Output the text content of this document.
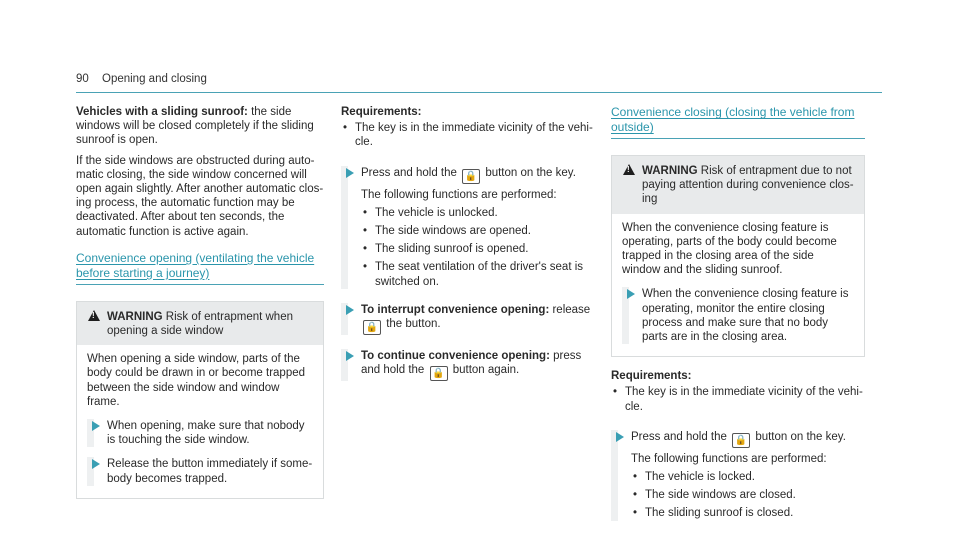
90 Opening and closing

Vehicles with a sliding sunroof: the side windows will be closed completely if the sliding sunroof is open.

If the side windows are obstructed during automatic closing, the side window concerned will open again slightly. After another automatic closing process, the automatic function may be deactivated. After about ten seconds, the automatic function is active again.

Convenience opening (ventilating the vehicle before starting a journey)
!
WARNING Risk of entrapment when opening a side window

When opening a side window, parts of the body could be drawn in or become trapped between the side window and window frame.

When opening, make sure that nobody is touching the side window.

Release the button immediately if somebody becomes trapped.

Requirements:
• The key is in the immediate vicinity of the vehicle.

Press and hold the 🔒 button on the key.

The following functions are performed:

• The vehicle is unlocked.
• The side windows are opened.
• The sliding sunroof is opened.
• The seat ventilation of the driver's seat is switched on.

To interrupt convenience opening: release
🔒 the button.

To continue convenience opening: press and hold the 🔒 button again.

Convenience closing (closing the vehicle from outside)
!
WARNING Risk of entrapment due to not paying attention during convenience closing

When the convenience closing feature is operating, parts of the body could become trapped in the closing area of the side window and the sliding sunroof.

When the convenience closing feature is operating, monitor the entire closing process and make sure that no body parts are in the closing area.

Requirements:
• The key is in the immediate vicinity of the vehicle.

Press and hold the 🔒 button on the key.

The following functions are performed:

• The vehicle is locked.
• The side windows are closed.
• The sliding sunroof is closed.
